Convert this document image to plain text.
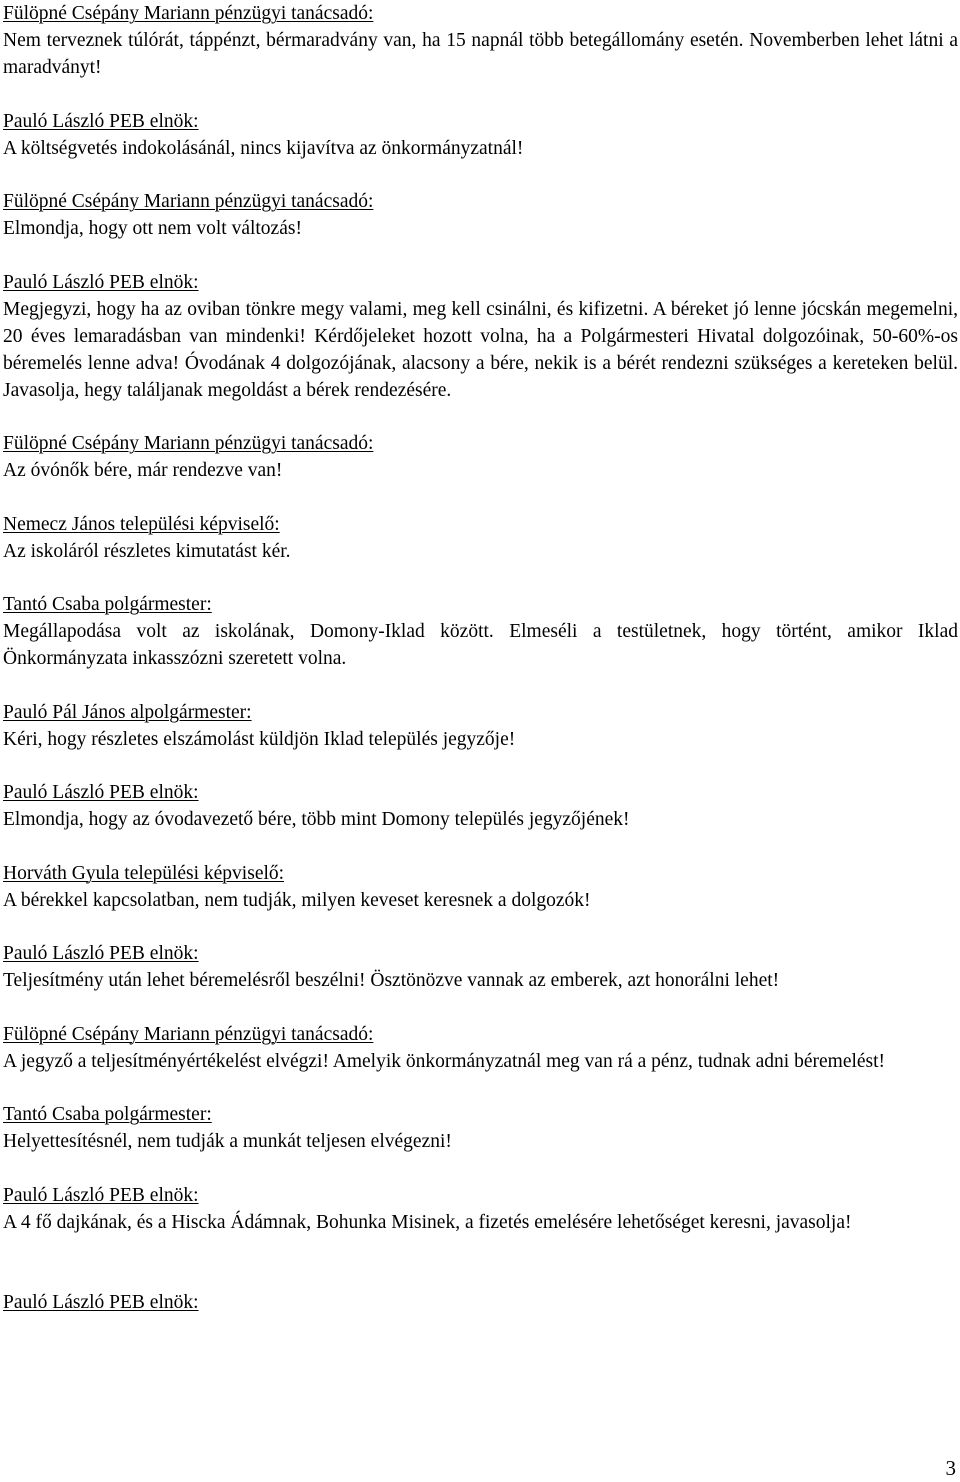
Fülöpné Csépány Mariann pénzügyi tanácsadó:
Nem terveznek túlórát, táppénzt, bérmaradvány van, ha 15 napnál több betegállomány esetén. Novemberben lehet látni a maradványt!
Pauló László PEB elnök:
A költségvetés indokolásánál, nincs kijavítva az önkormányzatnál!
Fülöpné Csépány Mariann pénzügyi tanácsadó:
Elmondja, hogy ott nem volt változás!
Pauló László PEB elnök:
Megjegyzi, hogy ha az oviban tönkre megy valami, meg kell csinálni, és kifizetni. A béreket jó lenne jócskán megemelni, 20 éves lemaradásban van mindenki! Kérdőjeleket hozott volna, ha a Polgármesteri Hivatal dolgozóinak, 50-60%-os béremelés lenne adva! Óvodának 4 dolgozójának, alacsony a bére, nekik is a bérét rendezni szükséges a kereteken belül. Javasolja, hegy találjanak megoldást a bérek rendezésére.
Fülöpné Csépány Mariann pénzügyi tanácsadó:
Az óvónők bére, már rendezve van!
Nemecz János települési képviselő:
Az iskoláról részletes kimutatást kér.
Tantó Csaba polgármester:
Megállapodása volt az iskolának, Domony-Iklad között. Elmeséli a testületnek, hogy történt, amikor Iklad Önkormányzata inkasszózni szeretett volna.
Pauló Pál János alpolgármester:
Kéri, hogy részletes elszámolást küldjön Iklad település jegyzője!
Pauló László PEB elnök:
Elmondja, hogy az óvodavezető bére, több mint Domony település jegyzőjének!
Horváth Gyula települési képviselő:
A bérekkel kapcsolatban, nem tudják, milyen keveset keresnek a dolgozók!
Pauló László PEB elnök:
Teljesítmény után lehet béremelésről beszélni! Ösztönözve vannak az emberek, azt honorálni lehet!
Fülöpné Csépány Mariann pénzügyi tanácsadó:
A jegyző a teljesítményértékelést elvégzi! Amelyik önkormányzatnál meg van rá a pénz, tudnak adni béremelést!
Tantó Csaba polgármester:
Helyettesítésnél, nem tudják a munkát teljesen elvégezni!
Pauló László PEB elnök:
A 4 fő dajkának, és a Hiscka Ádámnak, Bohunka Misinek, a fizetés emelésére lehetőséget keresni, javasolja!
Pauló László PEB elnök:
3
